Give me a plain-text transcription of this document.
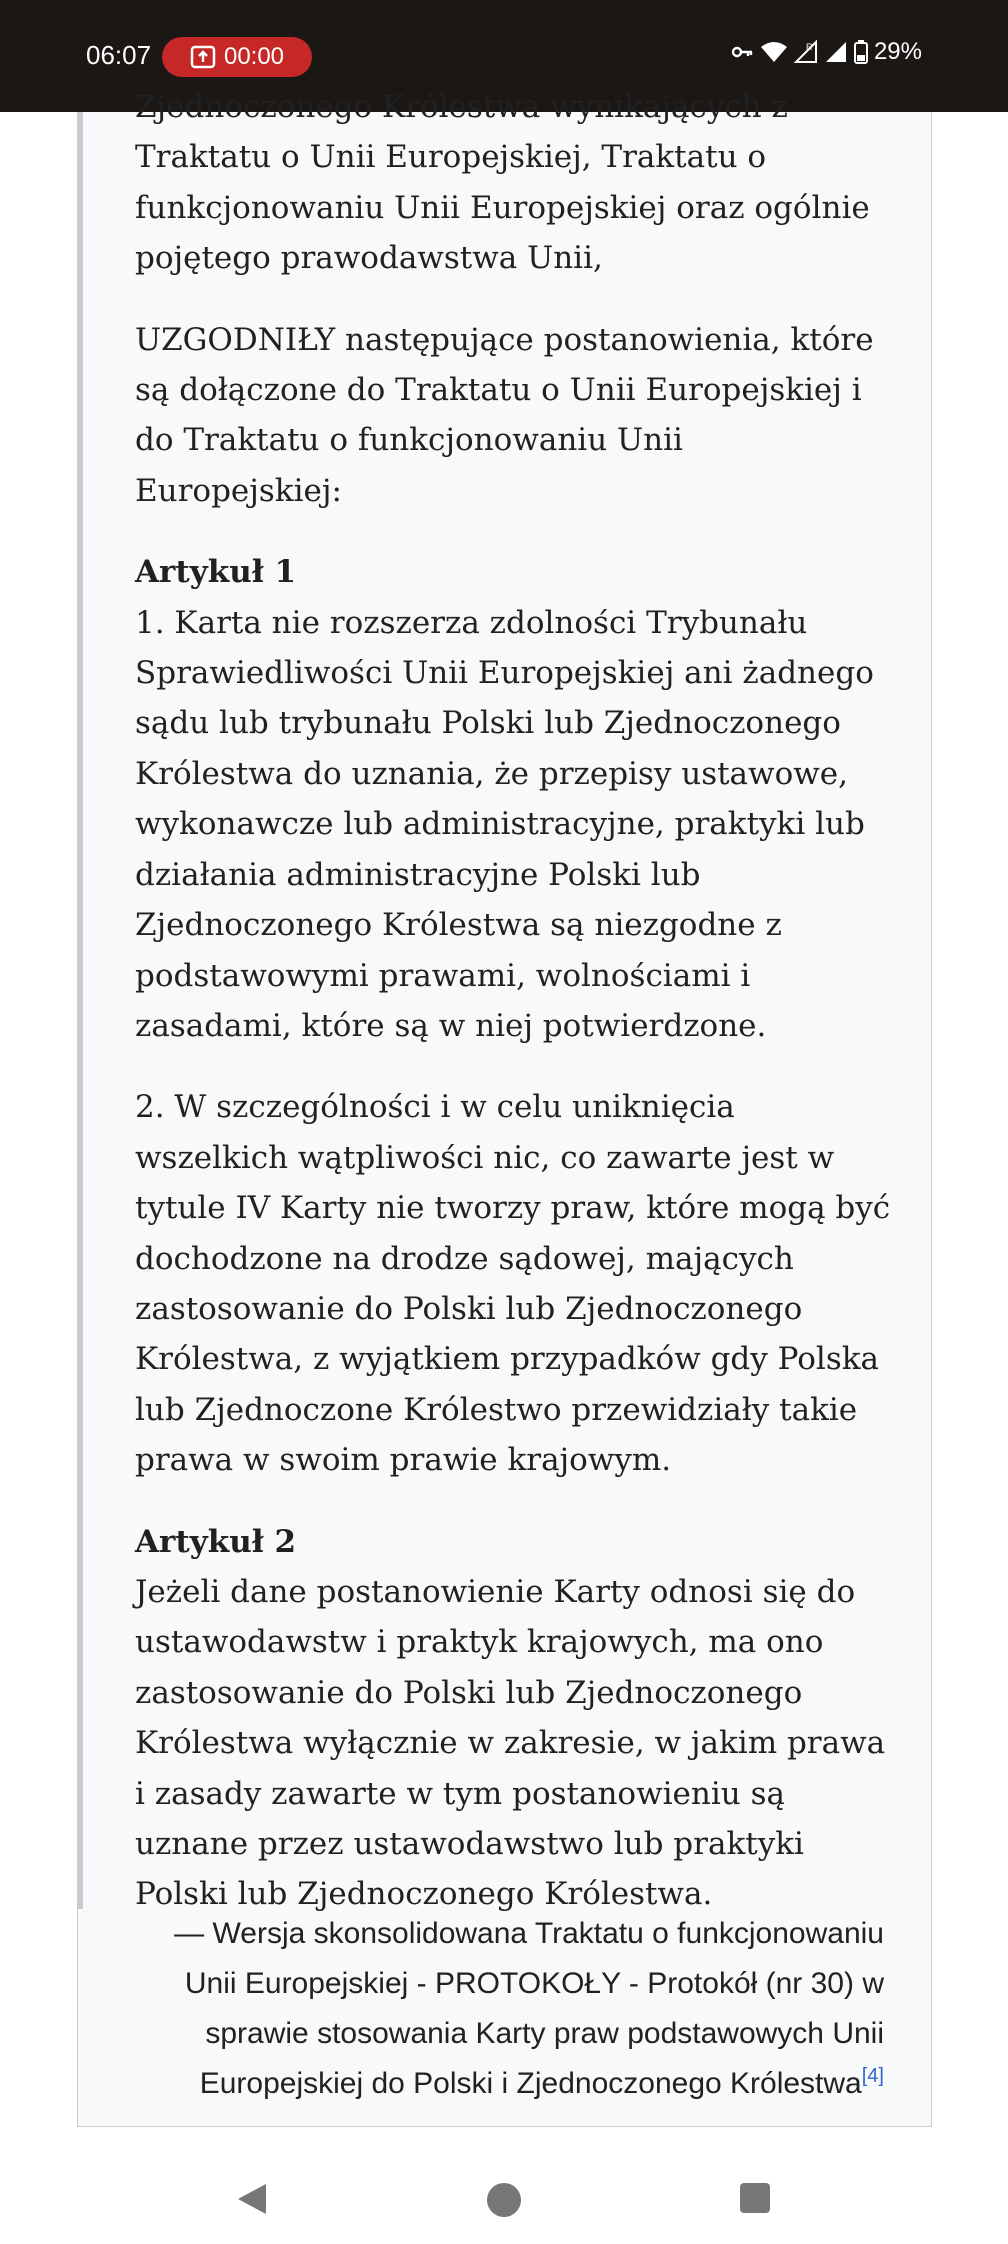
06:07	00:00	R	29%

Zjednoczonego Królestwa wynikających z Traktatu o Unii Europejskiej, Traktatu o funkcjonowaniu Unii Europejskiej oraz ogólnie pojętego prawodawstwa Unii,

UZGODNIŁY następujące postanowienia, które są dołączone do Traktatu o Unii Europejskiej i do Traktatu o funkcjonowaniu Unii Europejskiej:

Artykuł 1
1. Karta nie rozszerza zdolności Trybunału Sprawiedliwości Unii Europejskiej ani żadnego sądu lub trybunału Polski lub Zjednoczonego Królestwa do uznania, że przepisy ustawowe, wykonawcze lub administracyjne, praktyki lub działania administracyjne Polski lub Zjednoczonego Królestwa są niezgodne z podstawowymi prawami, wolnościami i zasadami, które są w niej potwierdzone.

2. W szczególności i w celu uniknięcia wszelkich wątpliwości nic, co zawarte jest w tytule IV Karty nie tworzy praw, które mogą być dochodzone na drodze sądowej, mających zastosowanie do Polski lub Zjednoczonego Królestwa, z wyjątkiem przypadków gdy Polska lub Zjednoczone Królestwo przewidziały takie prawa w swoim prawie krajowym.

Artykuł 2
Jeżeli dane postanowienie Karty odnosi się do ustawodawstw i praktyk krajowych, ma ono zastosowanie do Polski lub Zjednoczonego Królestwa wyłącznie w zakresie, w jakim prawa i zasady zawarte w tym postanowieniu są uznane przez ustawodawstwo lub praktyki Polski lub Zjednoczonego Królestwa.

— Wersja skonsolidowana Traktatu o funkcjonowaniu Unii Europejskiej - PROTOKOŁY - Protokół (nr 30) w sprawie stosowania Karty praw podstawowych Unii Europejskiej do Polski i Zjednoczonego Królestwa[4]
